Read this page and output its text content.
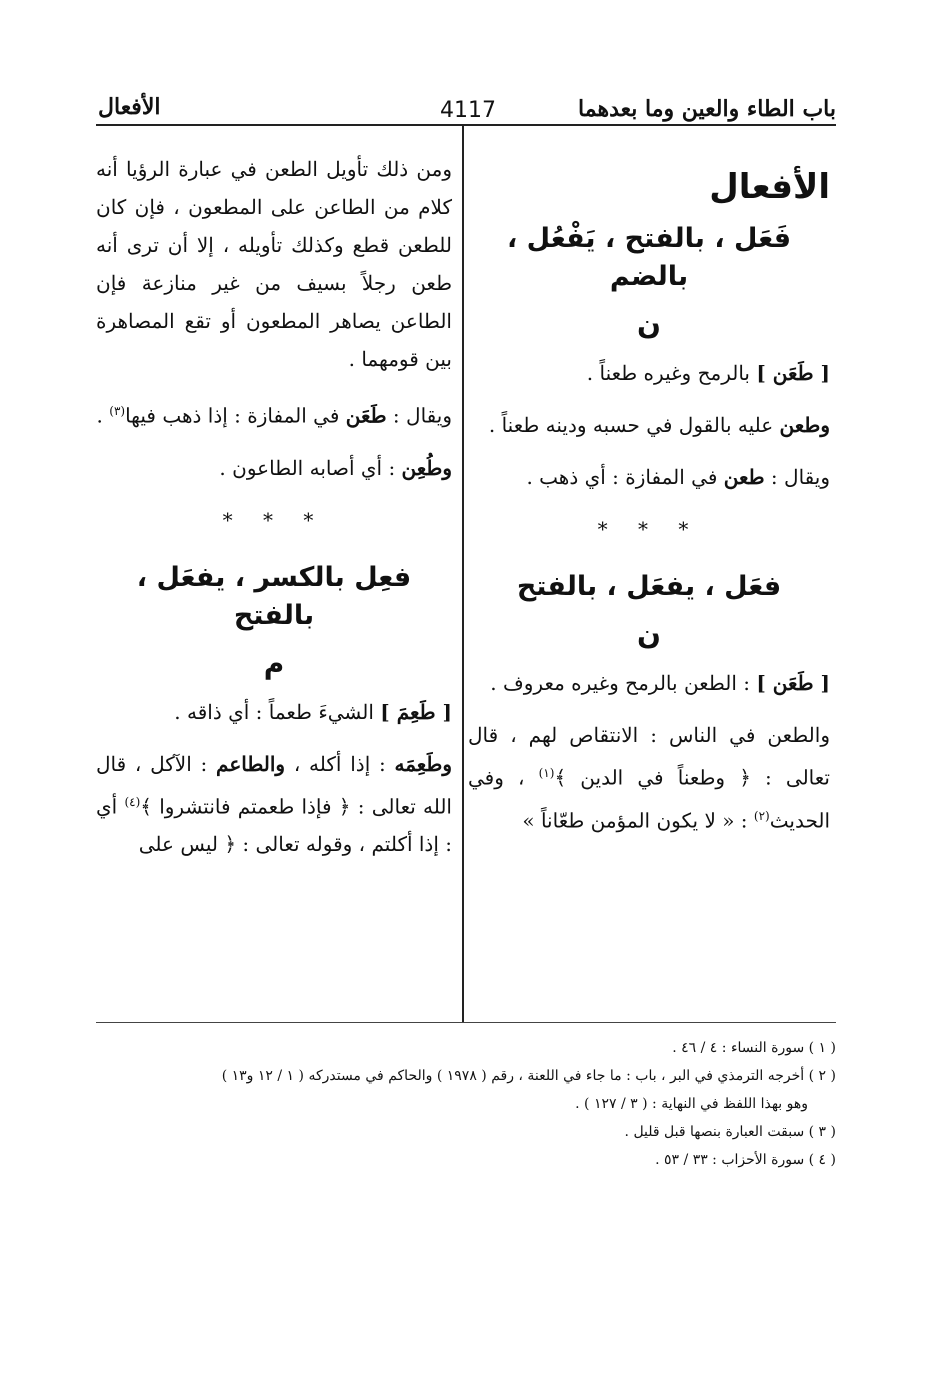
باب الطاء والعين وما بعدهما
4117
الأفعال
الأفعال
فَعَل ، بالفتح ، يَفْعُل ، بالضم
ن

[ طَعَن ] بالرمح وغيره طعناً .

وطعن عليه بالقول في حسبه ودينه طعناً .

ويقال : طعن في المفازة : أي ذهب .

* * *
فعَل ، يفعَل ، بالفتح
ن

[ طَعَن ] : الطعن بالرمح وغيره معروف .

والطعن في الناس : الانتقاص لهم ، قال تعالى : ﴿ وطعناً في الدين ﴾$^{(١)}$ ، وفي الحديث$^{(٢)}$ : « لا يكون المؤمن طعّاناً »

ومن ذلك تأويل الطعن في عبارة الرؤيا أنه كلام من الطاعن على المطعون ، فإن كان للطعن قطع وكذلك تأويله ، إلا أن ترى أنه طعن رجلاً بسيف من غير منازعة فإن الطاعن يصاهر المطعون أو تقع المصاهرة بين قومهما .

ويقال : طَعَن في المفازة : إذا ذهب فيها$^{(٣)}$ .

وطُعِن : أي أصابه الطاعون .

* * *
فعِل بالكسر ، يفعَل ، بالفتح
م

[ طَعِمَ ] الشيءَ طعماً : أي ذاقه .

وطَعِمَه : إذا أكله ، والطاعم : الآكل ، قال الله تعالى : ﴿ فإذا طعمتم فانتشروا ﴾$^{(٤)}$ أي : إذا أكلتم ، وقوله تعالى : ﴿ ليس على

( ١ ) سورة النساء : ٤ / ٤٦ .

( ٢ ) أخرجه الترمذي في البر ، باب : ما جاء في اللعنة ، رقم ( ١٩٧٨ ) والحاكم في مستدركه ( ١ / ١٢ و١٣ )

وهو بهذا اللفظ في النهاية : ( ٣ / ١٢٧ ) .

( ٣ ) سبقت العبارة بنصها قبل قليل .

( ٤ ) سورة الأحزاب : ٣٣ / ٥٣ .
